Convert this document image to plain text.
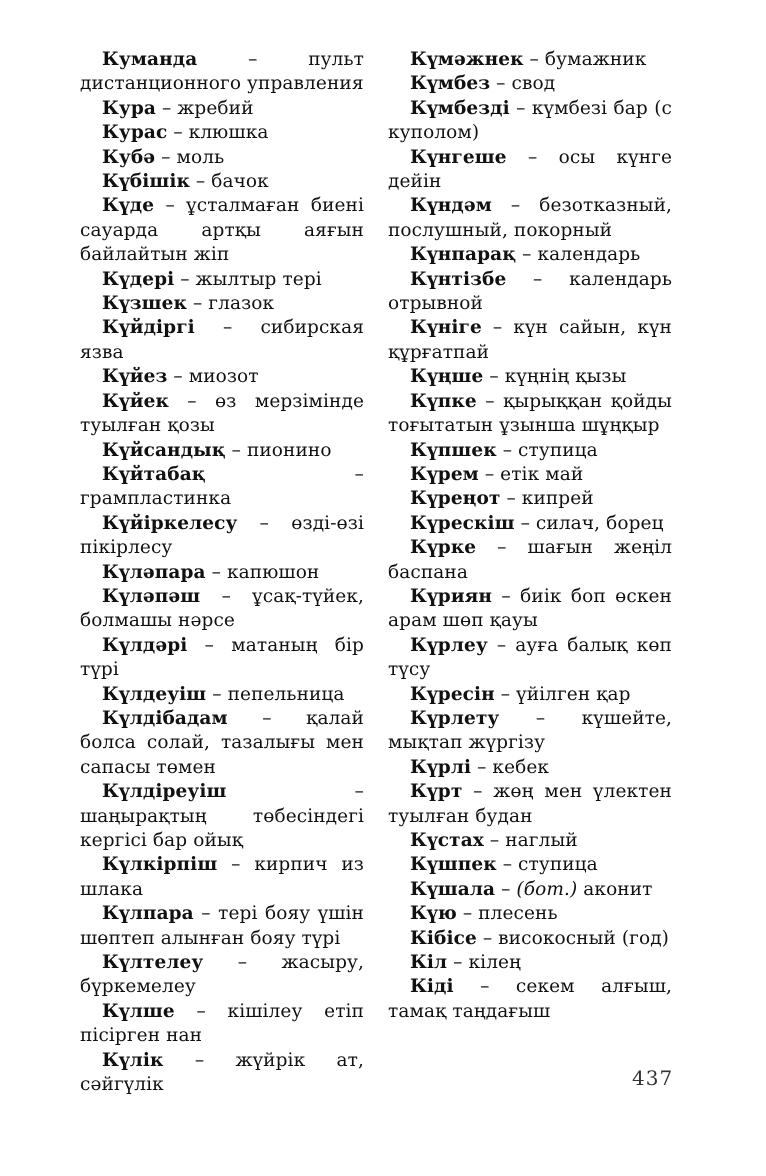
Куманда – пульт дистанционного управления

Кура – жребий

Курас – клюшка

Кубә – моль

Күбішік – бачок

Күде – ұсталмаған биені сауарда артқы аяғын байлайтын жіп

Күдері – жылтыр тері

Күзшек – глазок

Күйдіргі – сибирская язва

Күйез – миозот

Күйек – өз мерзімінде туылған қозы

Күйсандық – пионино

Күйтабақ – грампластинка

Күйіркелесу – өзді-өзі пікірлесу

Күләпара – капюшон

Күләпәш – ұсақ-түйек, болмашы нәрсе

Күлдәрі – матаның бір түрі

Күлдеуіш – пепельница

Күлдібадам – қалай болса солай, тазалығы мен сапасы төмен

Күлдіреуіш – шаңырақтың төбесіндегі кергісі бар ойық

Күлкірпіш – кирпич из шлака

Күлпара – тері бояу үшін шөптеп алынған бояу түрі

Күлтелеу – жасыру, бүркемелеу

Күлше – кішілеу етіп пісірген нан

Күлік – жүйрік ат, сәйгүлік

Күмәжнек – бумажник

Күмбез – свод

Күмбезді – күмбезі бар (с куполом)

Күнгеше – осы күнге дейін

Күндәм – безотказный, послушный, покорный

Күнпарақ – календарь

Күнтізбе – календарь отрывной

Күніге – күн сайын, күн құрғатпай

Күңше – күңнің қызы

Күпке – қырыққан қойды тоғытатын ұзынша шұңқыр

Күпшек – ступица

Күрем – етік май

Күреңот – кипрей

Күрескіш – силач, борец

Күрке – шағын жеңіл баспана

Күриян – биік боп өскен арам шөп қауы

Күрлеу – ауға балық көп түсу

Күресін – үйілген қар

Күрлету – күшейте, мықтап жүргізу

Күрлі – кебек

Күрт – жөң мен үлектен туылған будан

Күстах – наглый

Күшпек – ступица

Күшала – (бот.) аконит

Күю – плесень

Кібісе – високосный (год)

Кіл – кілең

Кіді – секем алғыш, тамақ таңдағыш

437
